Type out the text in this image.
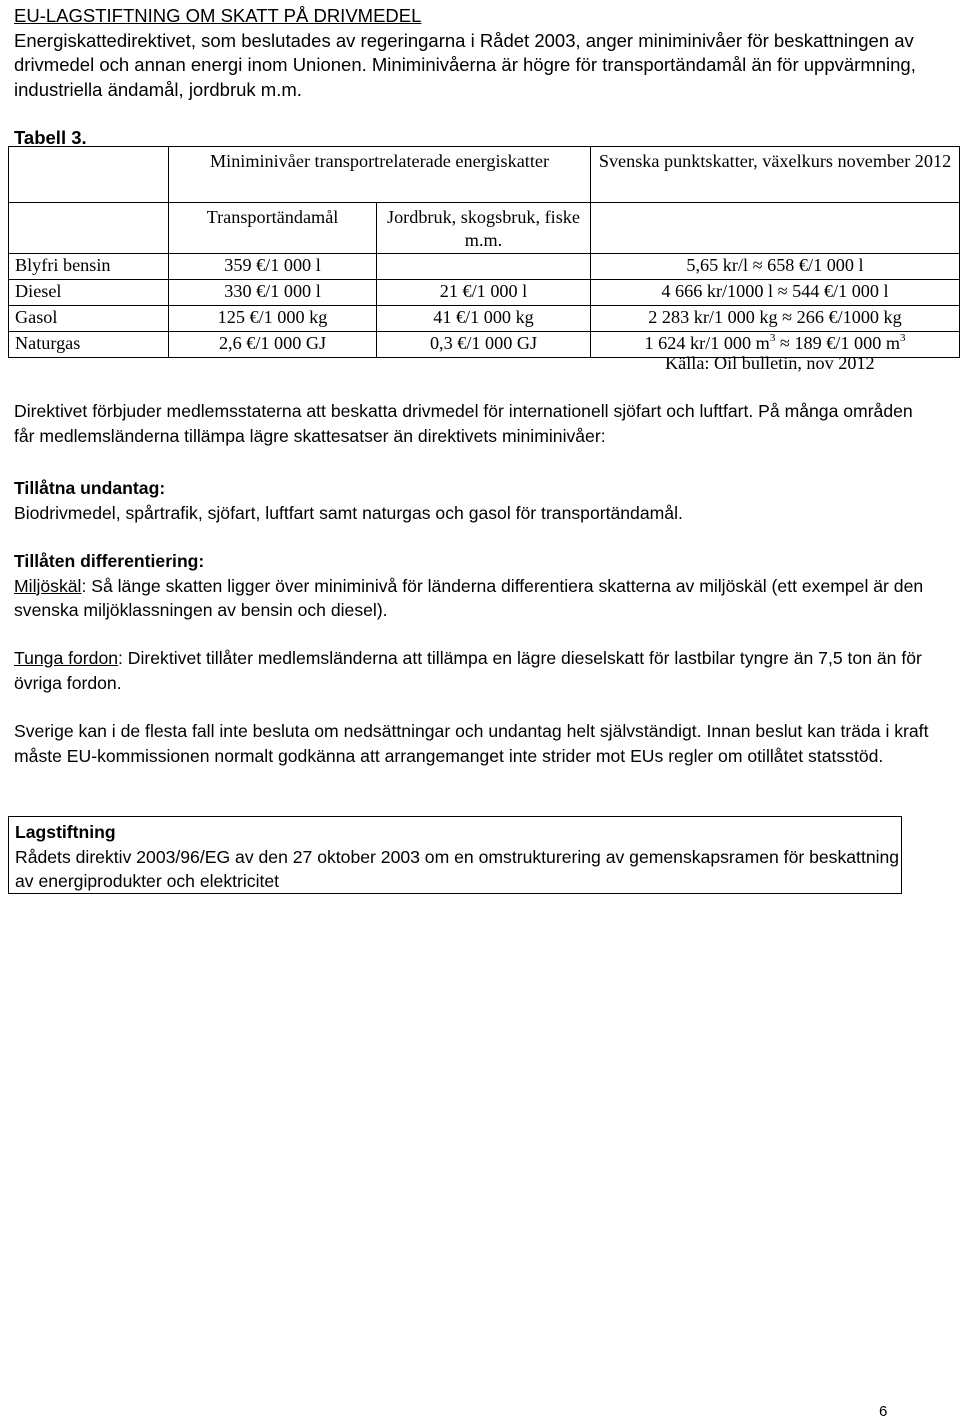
EU-LAGSTIFTNING OM SKATT PÅ DRIVMEDEL
Energiskattedirektivet, som beslutades av regeringarna i Rådet 2003, anger miniminivåer för beskattningen av drivmedel och annan energi inom Unionen. Miniminivåerna är högre för transportändamål än för uppvärmning, industriella ändamål, jordbruk m.m.
Tabell 3.
	Miniminivåer transportrelaterade energiskatter		Svenska punktskatter, växelkurs november 2012
	Transportändamål	Jordbruk, skogsbruk, fiske m.m.	
Blyfri bensin	359 €/1 000 l		5,65 kr/l ≈ 658 €/1 000 l
Diesel	330 €/1 000 l	21 €/1 000 l	4 666 kr/1000 l ≈ 544 €/1 000 l
Gasol	125 €/1 000 kg	41 €/1 000 kg	2 283 kr/1 000 kg ≈ 266 €/1000 kg
Naturgas	2,6 €/1 000 GJ	0,3 €/1 000 GJ	1 624 kr/1 000 $m^3 \approx 189$ €/1 000 $m^3$
Källa: Oil bulletin, nov 2012
Direktivet förbjuder medlemsstaterna att beskatta drivmedel för internationell sjöfart och luftfart. På många områden får medlemsländerna tillämpa lägre skattesatser än direktivets miniminivåer:
Tillåtna undantag:
Biodrivmedel, spårtrafik, sjöfart, luftfart samt naturgas och gasol för transportändamål.
Tillåten differentiering:
Miljöskäl: Så länge skatten ligger över miniminivå för länderna differentiera skatterna av miljöskäl (ett exempel är den svenska miljöklassningen av bensin och diesel).
Tunga fordon: Direktivet tillåter medlemsländerna att tillämpa en lägre dieselskatt för lastbilar tyngre än 7,5 ton än för övriga fordon.
Sverige kan i de flesta fall inte besluta om nedsättningar och undantag helt självständigt. Innan beslut kan träda i kraft måste EU-kommissionen normalt godkänna att arrangemanget inte strider mot EUs regler om otillåtet statsstöd.
Lagstiftning
Rådets direktiv 2003/96/EG av den 27 oktober 2003 om en omstrukturering av gemenskapsramen för beskattning av energiprodukter och elektricitet
6
